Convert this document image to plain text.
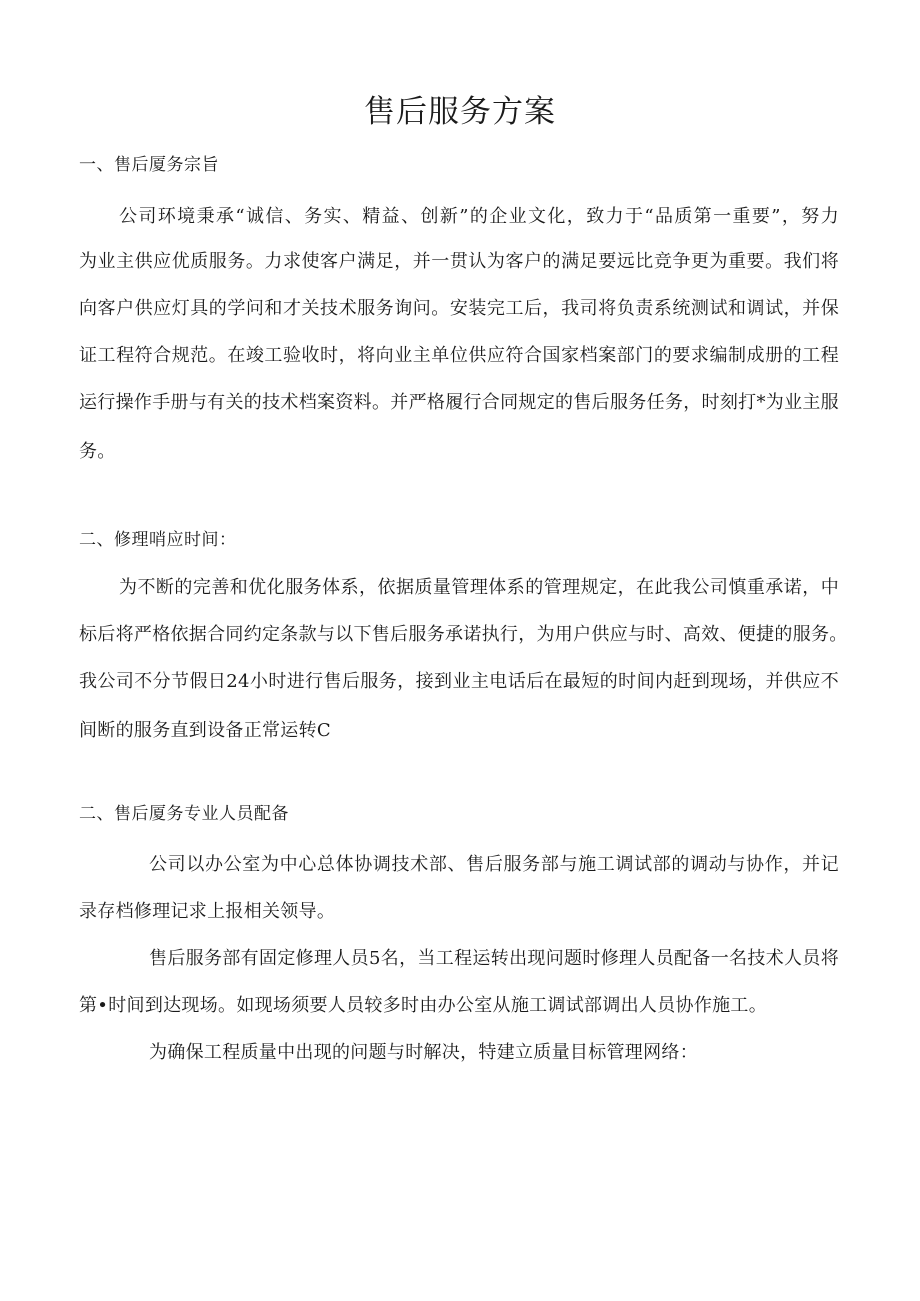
售后服务方案
一、售后厦务宗旨
公司环境秉承“诚信、务实、精益、创新”的企业文化，致力于“品质第一重要”，努力
为业主供应优质服务。力求使客户满足，并一贯认为客户的满足要远比竞争更为重要。我们将
向客户供应灯具的学问和才关技术服务询问。安装完工后，我司将负责系统测试和调试，并保
证工程符合规范。在竣工验收时，将向业主单位供应符合国家档案部门的要求编制成册的工程
运行操作手册与有关的技术档案资料。并严格履行合同规定的售后服务任务，时刻打*为业主服
务。
二、修理哨应时间：
为不断的完善和优化服务体系，依据质量管理体系的管理规定，在此我公司慎重承诺，中
标后将严格依据合同约定条款与以下售后服务承诺执行，为用户供应与时、高效、便捷的服务。
我公司不分节假日24小时进行售后服务，接到业主电话后在最短的时间内赶到现场，并供应不
间断的服务直到设备正常运转C
二、售后厦务专业人员配备
公司以办公室为中心总体协调技术部、售后服务部与施工调试部的调动与协作，并记
录存档修理记求上报相关领导。
售后服务部有固定修理人员5名，当工程运转出现问题时修理人员配备一名技术人员将
第•时间到达现场。如现场须要人员较多时由办公室从施工调试部调出人员协作施工。
为确保工程质量中出现的问题与时解决，特建立质量目标管理网络：
